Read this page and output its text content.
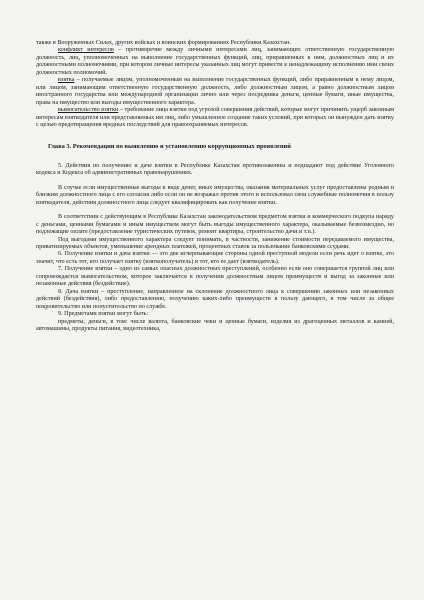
также в Вооруженных Силах, других войсках и воинских формированиях Республики Казахстан.

конфликт интересов – противоречие между личными интересами лиц, занимающих ответственную государственную должность, лиц, уполномоченных на выполнение государственных функций, лиц, приравненных к ним, должностных лиц и их должностными полномочиями, при котором личные интересы указанных лиц могут привести к ненадлежащему исполнению ими своих должностных полномочий.

взятка – получаемые лицом, уполномоченным на выполнение государственных функций, либо приравненным к нему лицом, или лицом, занимающим ответственную государственную должность, либо должностным лицом, а равно должностным лицом иностранного государства или международной организации лично или через посредника деньги, ценные бумаги, иные имущества, права на имущество или выгоды имущественного характера.

вымогательство взятки – требование лица взятки под угрозой совершения действий, которые могут причинить ущерб законным интересам взяткодателя или представляемых им лиц, либо умышленное создание таких условий, при которых он вынужден дать взятку с целью предотвращения вредных последствий для правоохраняемых интересов.

Глава 3. Рекомендации по выявлению и установлению коррупционных проявлений

5. Действия по получению и даче взятки в Республике Казахстан противозаконны и подпадают под действие Уголовного кодекса и Кодекса об административных правонарушениях.

В случае если имущественные выгоды в виде денег, иных имущества, оказания материальных услуг предоставлены родным и близким должностного лица с его согласия либо если он не возражал против этого и использовал свои служебные полномочия в пользу взяткодателя, действия должностного лица следует квалифицировать как получение взятки.

В соответствии с действующим в Республике Казахстан законодательством предметом взятки и коммерческого подкупа наряду с деньгами, ценными бумагами и иным имуществом могут быть выгоды имущественного характера, оказываемые безвозмездно, но подлежащие оплате (предоставление туристических путевок, ремонт квартиры, строительство дачи и т.п.).

Под выгодами имущественного характера следует понимать, в частности, занижение стоимости передаваемого имущества, приватизируемых объектов, уменьшение арендных платежей, процентных ставок за пользование банковскими ссудами.

6. Получение взятки и дача взятки — это две исчерпывающие стороны одной преступной модели если речь идет о взятке, это значит, что есть тот, кто получает взятку (взяткополучатель) и тот, кто ее дает (взяткодатель).

7. Получение взятки – одно из самых опасных должностных преступлений, особенно если оно совершается группой лиц или сопровождается вымогательством, которое заключается в получении должностным лицом преимуществ и выгод за законные или незаконные действия (бездействие).

8. Дача взятки – преступление, направленное на склонение должностного лица к совершению законных или незаконных действий (бездействия), либо предоставлению, получению каких-либо преимуществ в пользу дающего, в том числе за общее покровительство или попустительство по службе.

9. Предметами взятки могут быть:

предметы, деньги, в том: числе валюта, банковские чеки и ценные бумаги, изделия из драгоценных металлов и камней, автомашины, продукты питания, видеотехника,
